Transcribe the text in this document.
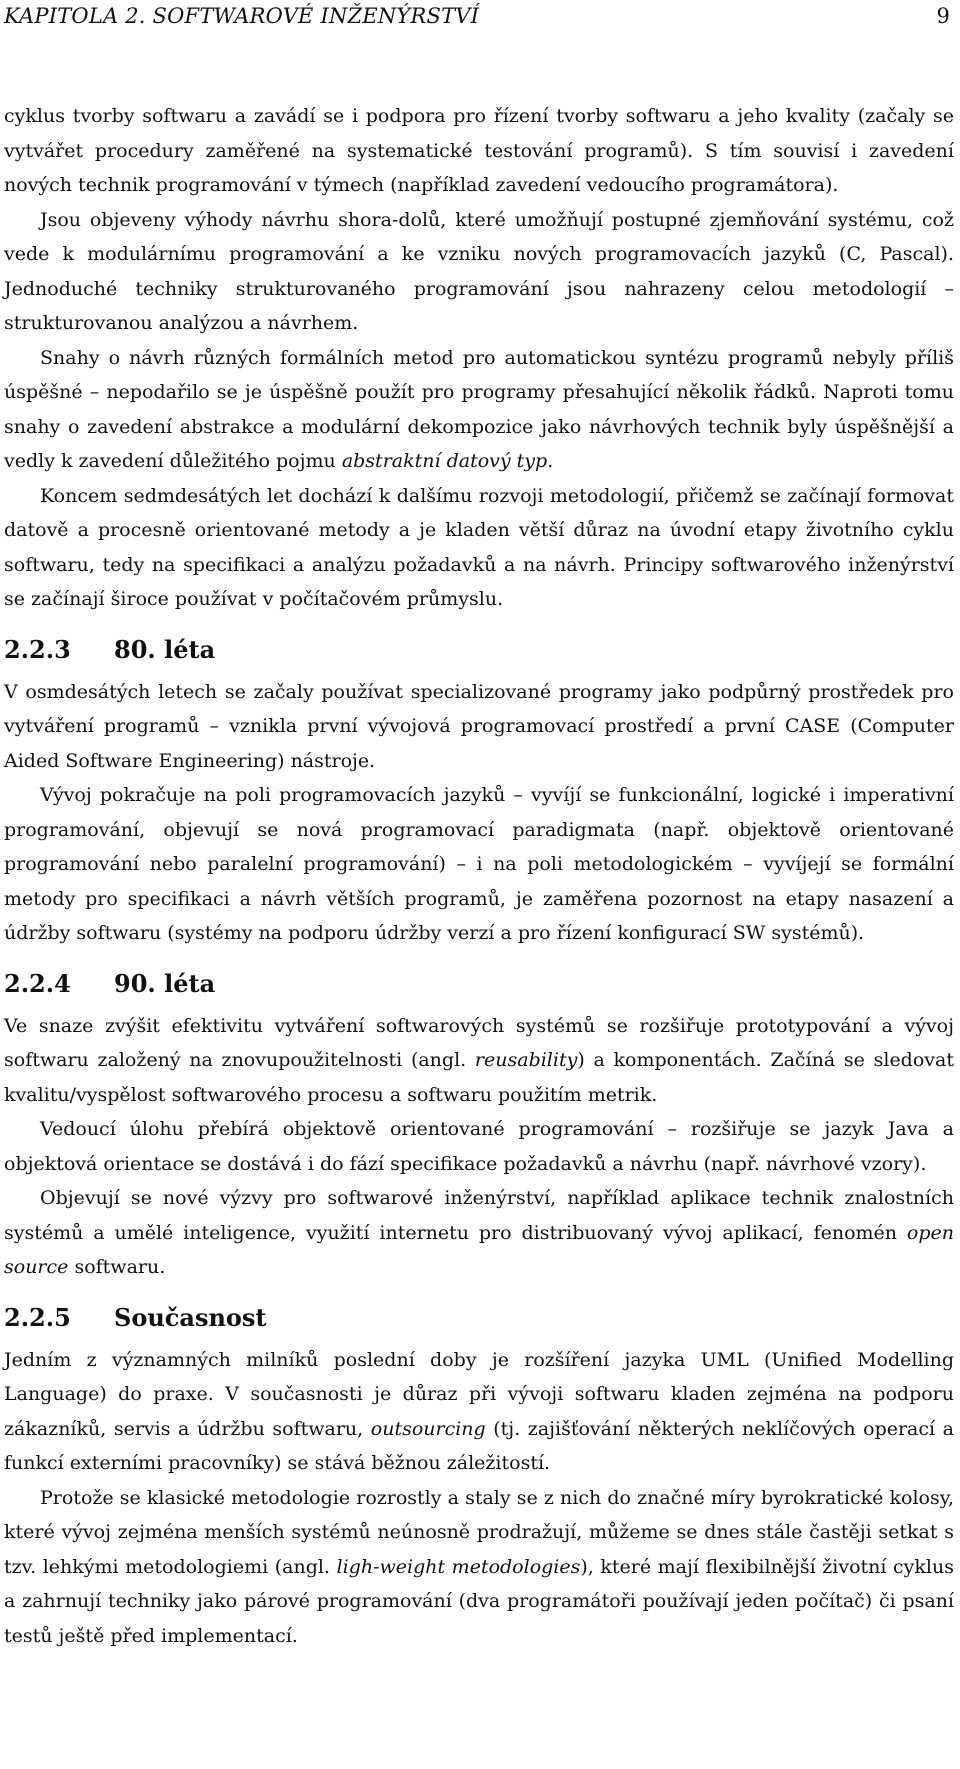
KAPITOLA 2. SOFTWAROVÉ INŽENÝRSTVÍ	9

cyklus tvorby softwaru a zavádí se i podpora pro řízení tvorby softwaru a jeho kvality (začaly se vytvářet procedury zaměřené na systematické testování programů). S tím souvisí i zavedení nových technik programování v týmech (například zavedení vedoucího programátora).

Jsou objeveny výhody návrhu shora-dolů, které umožňují postupné zjemňování systému, což vede k modulárnímu programování a ke vzniku nových programovacích jazyků (C, Pascal). Jednoduché techniky strukturovaného programování jsou nahrazeny celou metodologií – strukturovanou analýzou a návrhem.

Snahy o návrh různých formálních metod pro automatickou syntézu programů nebyly příliš úspěšné – nepodařilo se je úspěšně použít pro programy přesahující několik řádků. Naproti tomu snahy o zavedení abstrakce a modulární dekompozice jako návrhových technik byly úspěšnější a vedly k zavedení důležitého pojmu abstraktní datový typ.

Koncem sedmdesátých let dochází k dalšímu rozvoji metodologií, přičemž se začínají formovat datově a procesně orientované metody a je kladen větší důraz na úvodní etapy životního cyklu softwaru, tedy na specifikaci a analýzu požadavků a na návrh. Principy softwarového inženýrství se začínají široce používat v počítačovém průmyslu.

2.2.3 80. léta

V osmdesátých letech se začaly používat specializované programy jako podpůrný prostředek pro vytváření programů – vznikla první vývojová programovací prostředí a první CASE (Computer Aided Software Engineering) nástroje.

Vývoj pokračuje na poli programovacích jazyků – vyvíjí se funkcionální, logické i imperativní programování, objevují se nová programovací paradigmata (např. objektově orientované programování nebo paralelní programování) – i na poli metodologickém – vyvíjejí se formální metody pro specifikaci a návrh větších programů, je zaměřena pozornost na etapy nasazení a údržby softwaru (systémy na podporu údržby verzí a pro řízení konfigurací SW systémů).

2.2.4 90. léta

Ve snaze zvýšit efektivitu vytváření softwarových systémů se rozšiřuje prototypování a vývoj softwaru založený na znovupoužitelnosti (angl. reusability) a komponentách. Začíná se sledovat kvalitu/vyspělost softwarového procesu a softwaru použitím metrik.

Vedoucí úlohu přebírá objektově orientované programování – rozšiřuje se jazyk Java a objektová orientace se dostává i do fází specifikace požadavků a návrhu (např. návrhové vzory).

Objevují se nové výzvy pro softwarové inženýrství, například aplikace technik znalostních systémů a umělé inteligence, využití internetu pro distribuovaný vývoj aplikací, fenomén open source softwaru.

2.2.5 Současnost

Jedním z významných milníků poslední doby je rozšíření jazyka UML (Unified Modelling Language) do praxe. V současnosti je důraz při vývoji softwaru kladen zejména na podporu zákazníků, servis a údržbu softwaru, outsourcing (tj. zajišťování některých neklíčových operací a funkcí externími pracovníky) se stává běžnou záležitostí.

Protože se klasické metodologie rozrostly a staly se z nich do značné míry byrokratické kolosy, které vývoj zejména menších systémů neúnosně prodražují, můžeme se dnes stále častěji setkat s tzv. lehkými metodologiemi (angl. ligh-weight metodologies), které mají flexibilnější životní cyklus a zahrnují techniky jako párové programování (dva programátoři používají jeden počítač) či psaní testů ještě před implementací.
